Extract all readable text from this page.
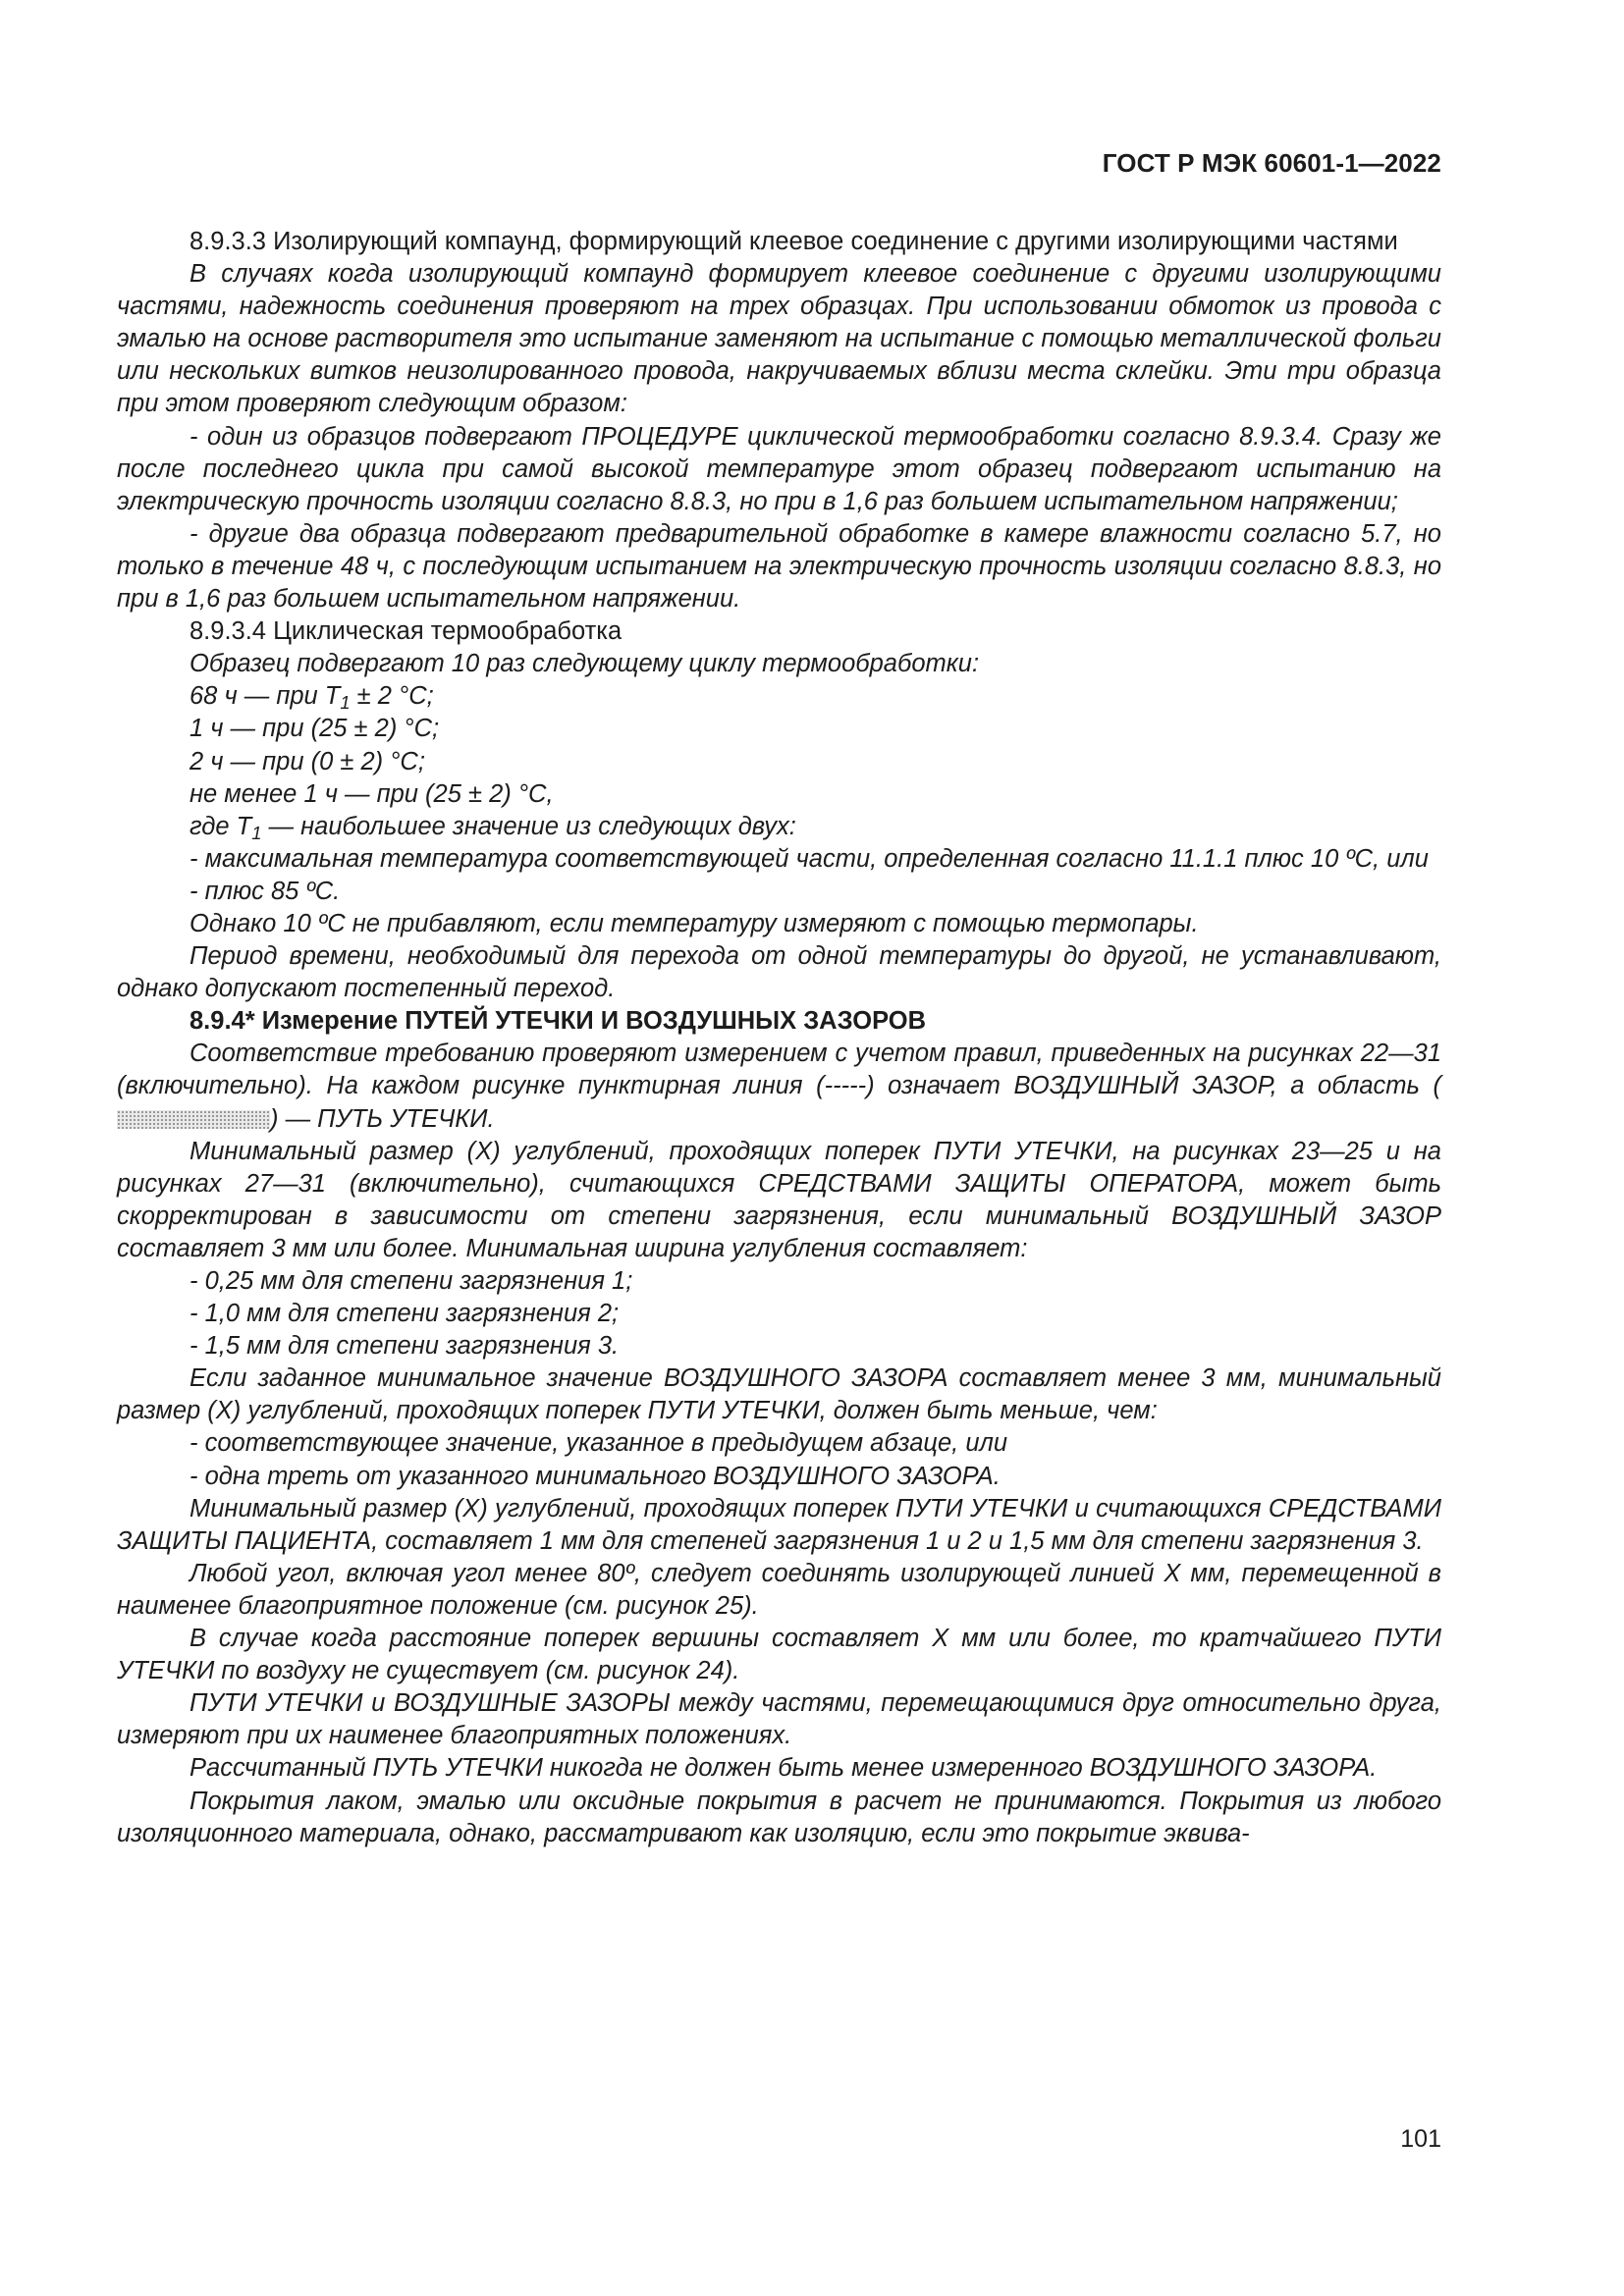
ГОСТ Р МЭК 60601-1—2022

8.9.3.3 Изолирующий компаунд, формирующий клеевое соединение с другими изолирующими частями

В случаях когда изолирующий компаунд формирует клеевое соединение с другими изолирующими частями, надежность соединения проверяют на трех образцах. При использовании обмоток из провода с эмалью на основе растворителя это испытание заменяют на испытание с помощью металлической фольги или нескольких витков неизолированного провода, накручиваемых вблизи места склейки. Эти три образца при этом проверяют следующим образом:

- один из образцов подвергают ПРОЦЕДУРЕ циклической термообработки согласно 8.9.3.4. Сразу же после последнего цикла при самой высокой температуре этот образец подвергают испытанию на электрическую прочность изоляции согласно 8.8.3, но при в 1,6 раз большем испытательном напряжении;

- другие два образца подвергают предварительной обработке в камере влажности согласно 5.7, но только в течение 48 ч, с последующим испытанием на электрическую прочность изоляции согласно 8.8.3, но при в 1,6 раз большем испытательном напряжении.

8.9.3.4 Циклическая термообработка

Образец подвергают 10 раз следующему циклу термообработки:

68 ч — при $T_1 \pm 2$ °С;

1 ч — при (25 ± 2) °С;

2 ч — при (0 ± 2) °С;

не менее 1 ч — при (25 ± 2) °С,

где $T_1$ — наибольшее значение из следующих двух:

- максимальная температура соответствующей части, определенная согласно 11.1.1 плюс 10 ºС, или

- плюс 85 ºС.

Однако 10 ºС не прибавляют, если температуру измеряют с помощью термопары.

Период времени, необходимый для перехода от одной температуры до другой, не устанавливают, однако допускают постепенный переход.

8.9.4* Измерение ПУТЕЙ УТЕЧКИ И ВОЗДУШНЫХ ЗАЗОРОВ

Соответствие требованию проверяют измерением с учетом правил, приведенных на рисунках 22—31 (включительно). На каждом рисунке пунктирная линия (-----) означает ВОЗДУШНЫЙ ЗАЗОР, а область () — ПУТЬ УТЕЧКИ.

Минимальный размер (X) углублений, проходящих поперек ПУТИ УТЕЧКИ, на рисунках 23—25 и на рисунках 27—31 (включительно), считающихся СРЕДСТВАМИ ЗАЩИТЫ ОПЕРАТОРА, может быть скорректирован в зависимости от степени загрязнения, если минимальный ВОЗДУШНЫЙ ЗАЗОР составляет 3 мм или более. Минимальная ширина углубления составляет:

- 0,25 мм для степени загрязнения 1;

- 1,0 мм для степени загрязнения 2;

- 1,5 мм для степени загрязнения 3.

Если заданное минимальное значение ВОЗДУШНОГО ЗАЗОРА составляет менее 3 мм, минимальный размер (X) углублений, проходящих поперек ПУТИ УТЕЧКИ, должен быть меньше, чем:

- соответствующее значение, указанное в предыдущем абзаце, или

- одна треть от указанного минимального ВОЗДУШНОГО ЗАЗОРА.

Минимальный размер (X) углублений, проходящих поперек ПУТИ УТЕЧКИ и считающихся СРЕДСТВАМИ ЗАЩИТЫ ПАЦИЕНТА, составляет 1 мм для степеней загрязнения 1 и 2 и 1,5 мм для степени загрязнения 3.

Любой угол, включая угол менее 80º, следует соединять изолирующей линией X мм, перемещенной в наименее благоприятное положение (см. рисунок 25).

В случае когда расстояние поперек вершины составляет X мм или более, то кратчайшего ПУТИ УТЕЧКИ по воздуху не существует (см. рисунок 24).

ПУТИ УТЕЧКИ и ВОЗДУШНЫЕ ЗАЗОРЫ между частями, перемещающимися друг относительно друга, измеряют при их наименее благоприятных положениях.

Рассчитанный ПУТЬ УТЕЧКИ никогда не должен быть менее измеренного ВОЗДУШНОГО ЗАЗОРА.

Покрытия лаком, эмалью или оксидные покрытия в расчет не принимаются. Покрытия из любого изоляционного материала, однако, рассматривают как изоляцию, если это покрытие эквива-

101
